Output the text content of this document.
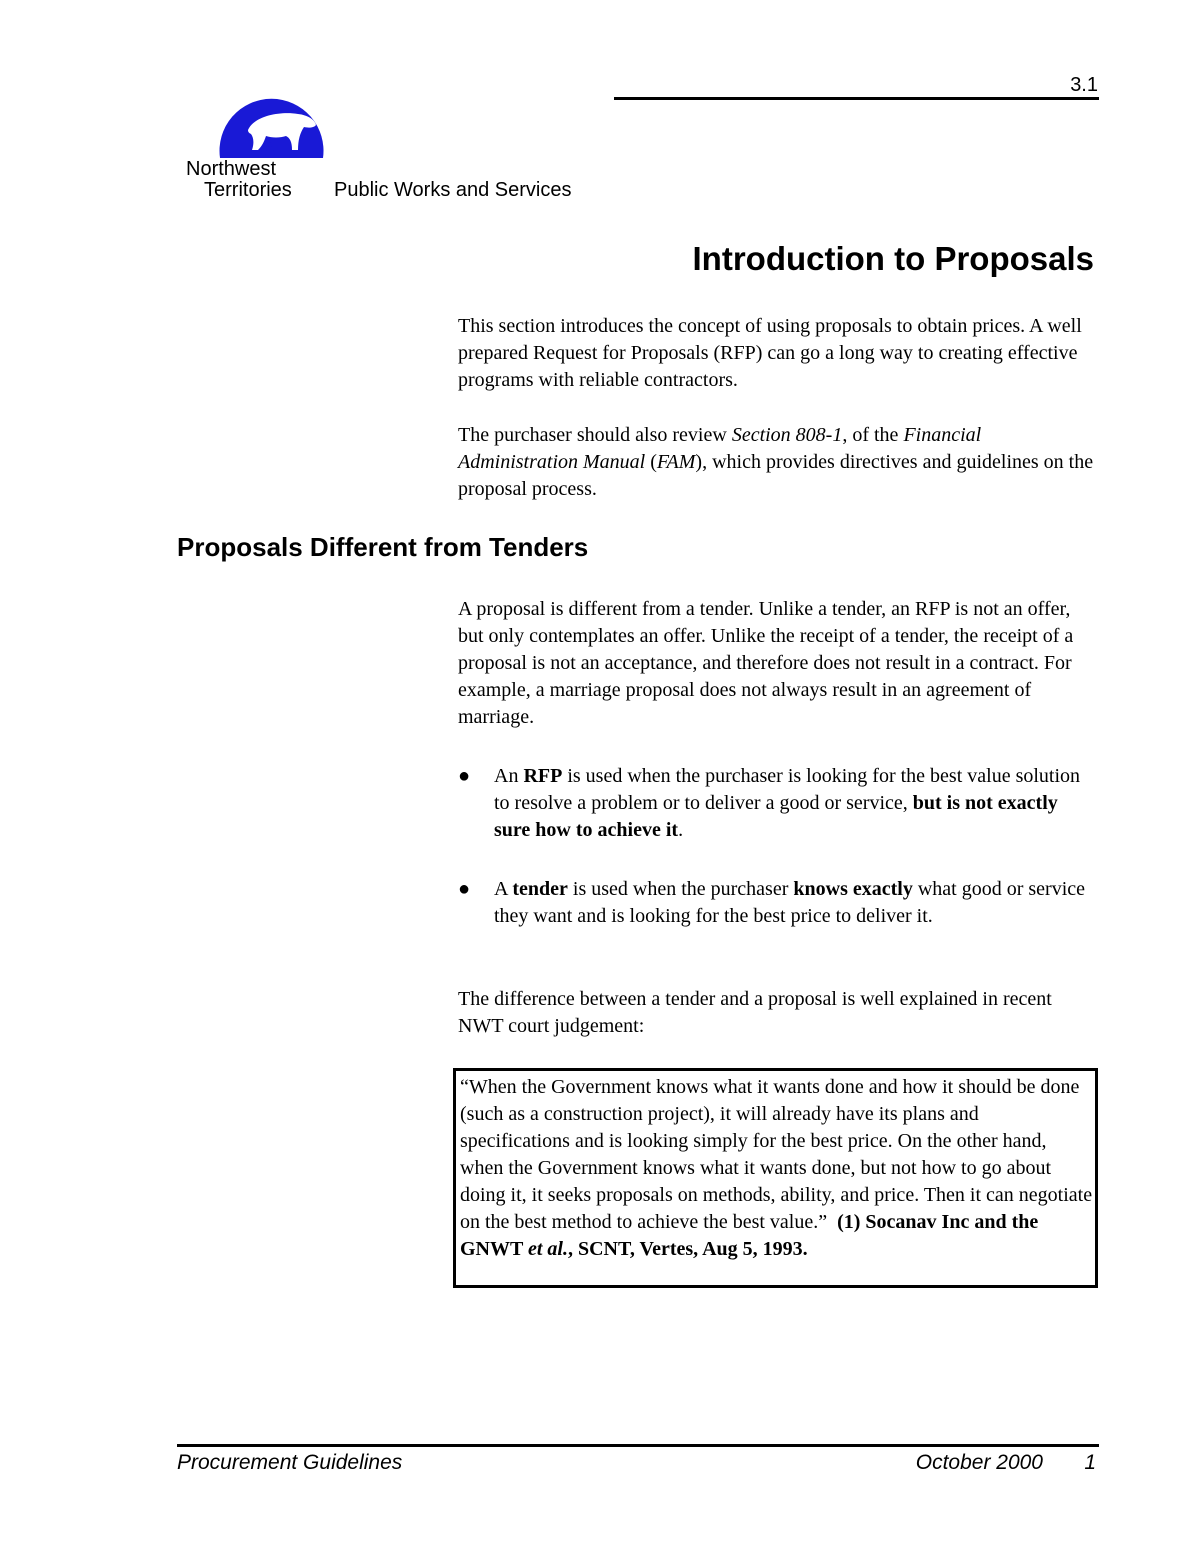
3.1
Northwest
Territories Public Works and Services
Introduction to Proposals

This section introduces the concept of using proposals to obtain prices. A well prepared Request for Proposals (RFP) can go a long way to creating effective programs with reliable contractors.

The purchaser should also review Section 808-1, of the Financial Administration Manual (FAM), which provides directives and guidelines on the proposal process.

Proposals Different from Tenders

A proposal is different from a tender. Unlike a tender, an RFP is not an offer, but only contemplates an offer. Unlike the receipt of a tender, the receipt of a proposal is not an acceptance, and therefore does not result in a contract. For example, a marriage proposal does not always result in an agreement of marriage.

●	An RFP is used when the purchaser is looking for the best value solution to resolve a problem or to deliver a good or service, but is not exactly sure how to achieve it.
●	A tender is used when the purchaser knows exactly what good or service they want and is looking for the best price to deliver it.

The difference between a tender and a proposal is well explained in recent NWT court judgement:

“When the Government knows what it wants done and how it should be done (such as a construction project), it will already have its plans and specifications and is looking simply for the best price. On the other hand, when the Government knows what it wants done, but not how to go about doing it, it seeks proposals on methods, ability, and price. Then it can negotiate on the best method to achieve the best value.” (1) Socanav Inc and the GNWT et al., SCNT, Vertes, Aug 5, 1993.
Procurement Guidelines	October 2000	1
